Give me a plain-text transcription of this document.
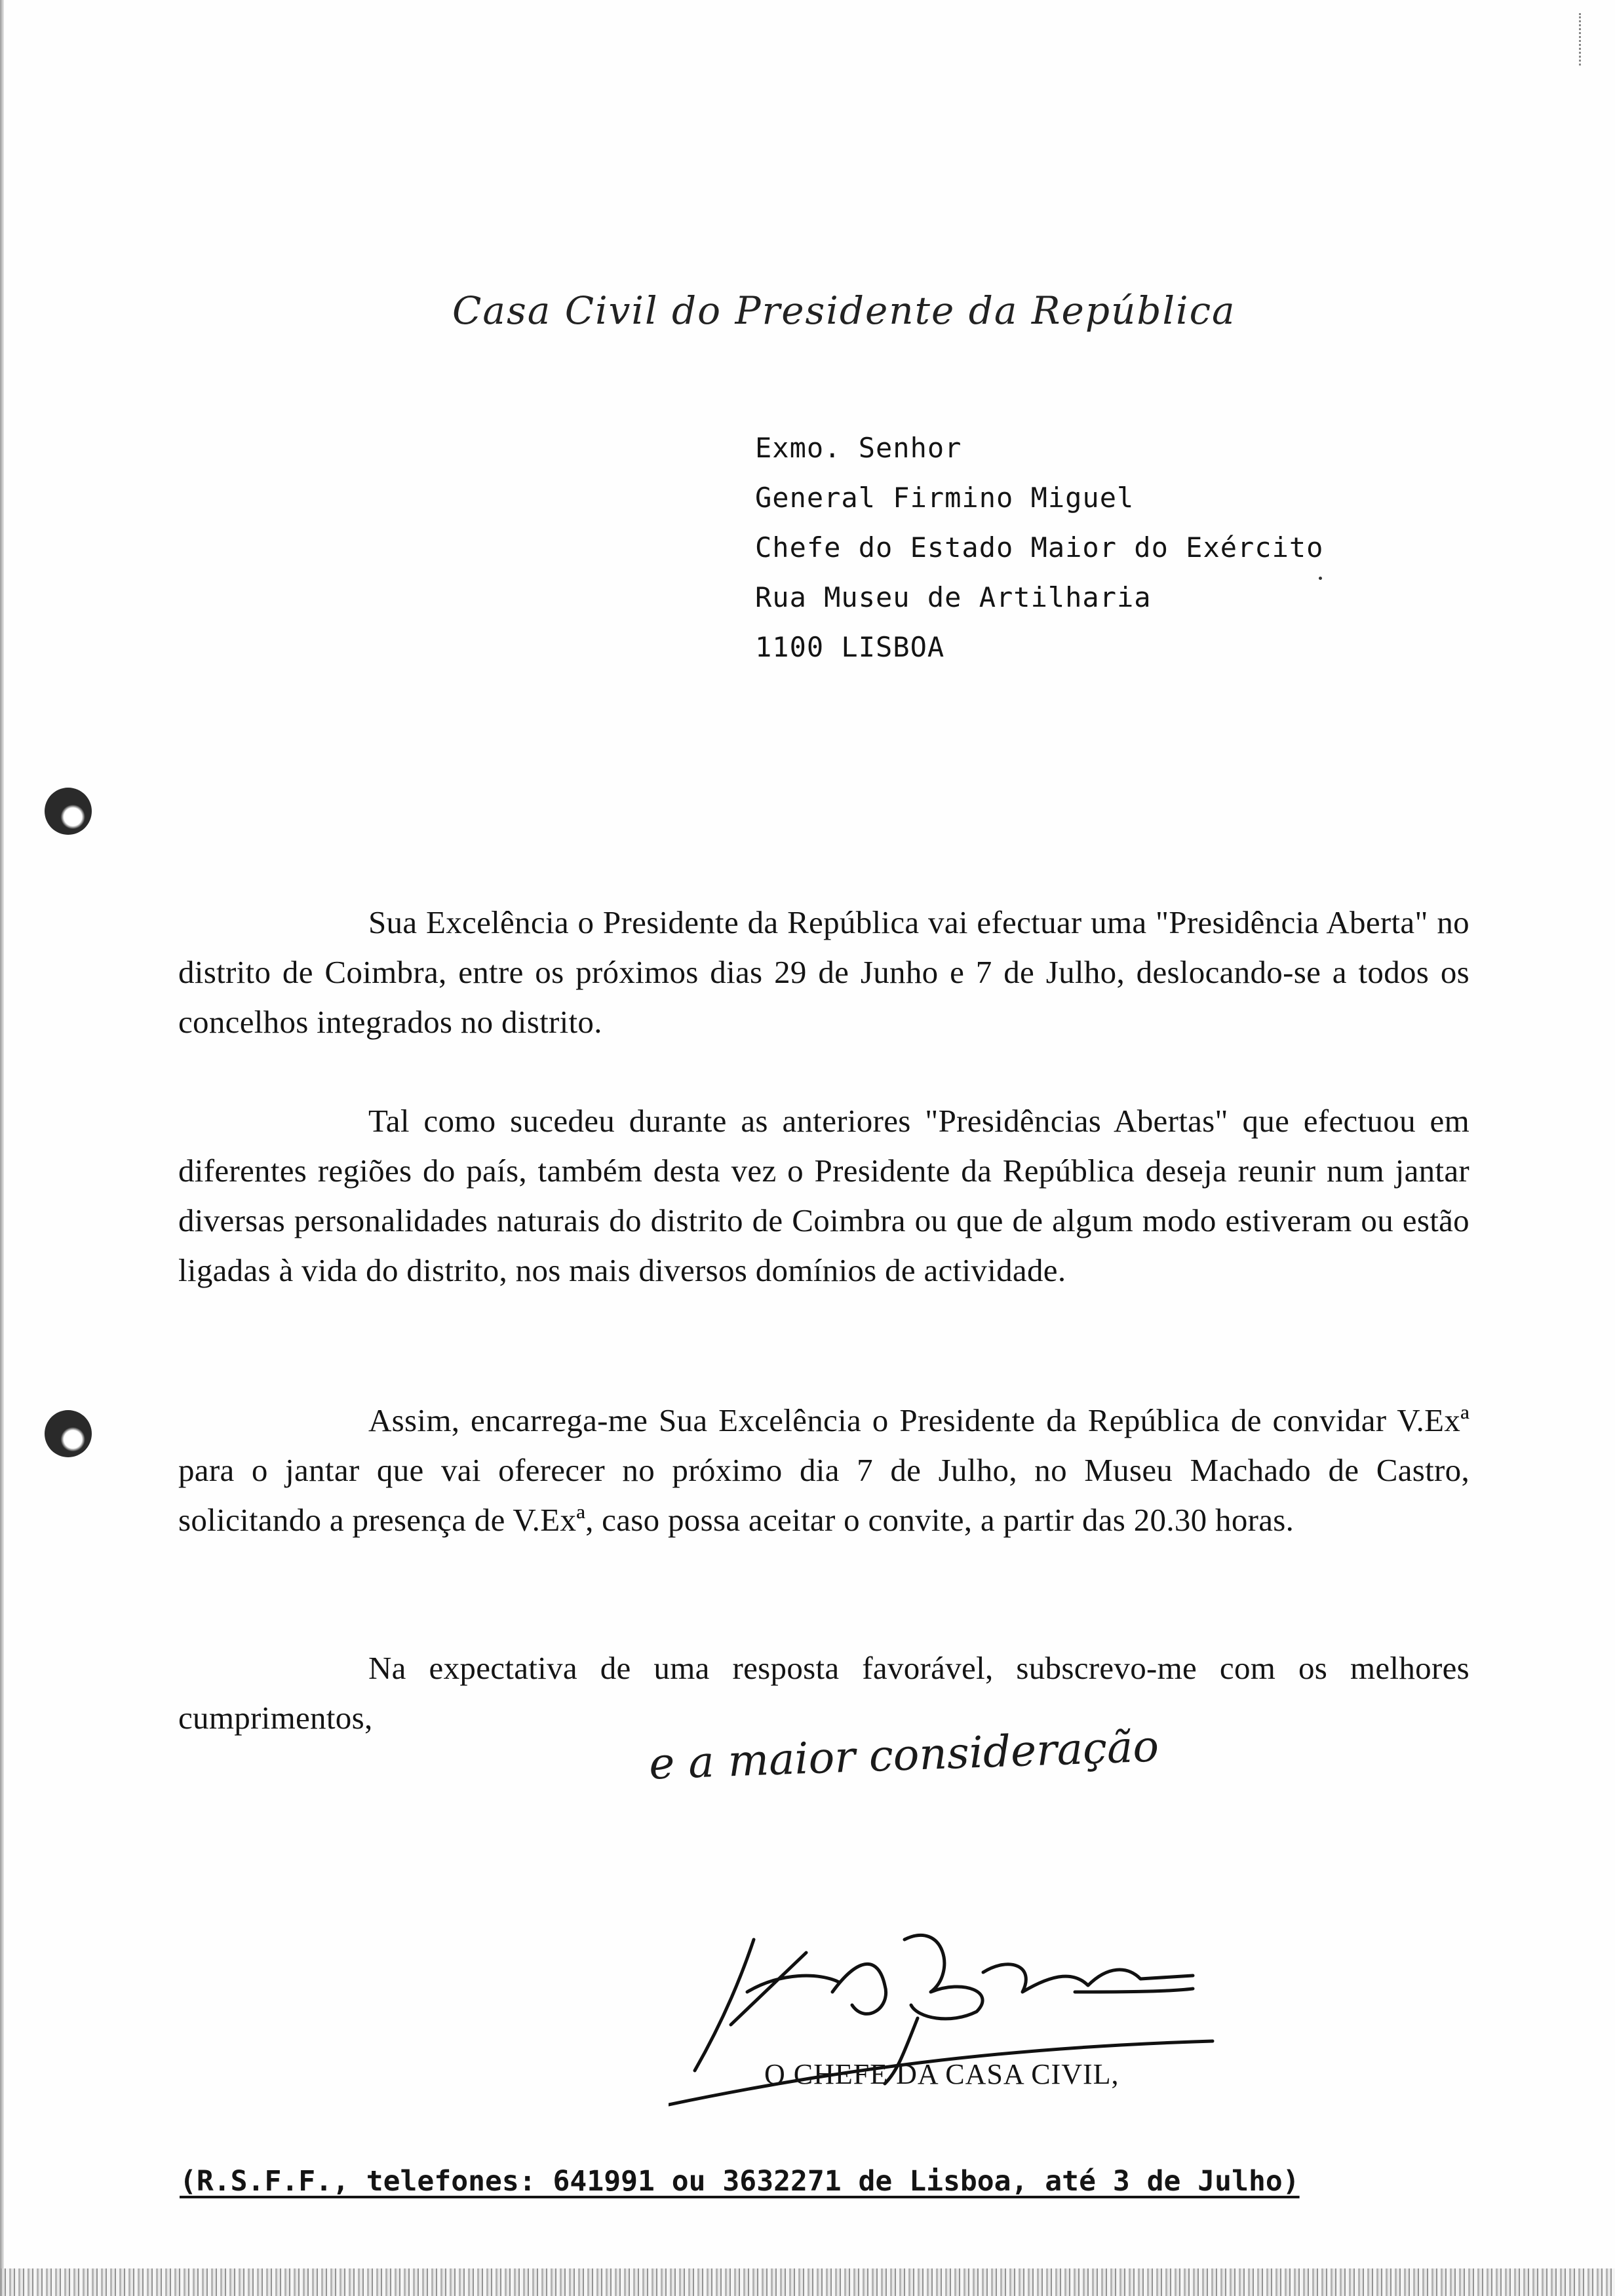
Casa Civil do Presidente da República
Exmo. Senhor
General Firmino Miguel
Chefe do Estado Maior do Exército
Rua Museu de Artilharia
1100 LISBOA
Sua Excelência o Presidente da República vai efectuar uma "Presidência Aberta" no distrito de Coimbra, entre os próximos dias 29 de Junho e 7 de Julho, deslocando-se a todos os concelhos integrados no distrito.
Tal como sucedeu durante as anteriores "Presidências Abertas" que efectuou em diferentes regiões do país, também desta vez o Presidente da República deseja reunir num jantar diversas personalidades naturais do distrito de Coimbra ou que de algum modo estiveram ou estão ligadas à vida do distrito, nos mais diversos domínios de actividade.
Assim, encarrega-me Sua Excelência o Presidente da República de convidar V.Exª para o jantar que vai oferecer no próximo dia 7 de Julho, no Museu Machado de Castro, solicitando a presença de V.Exª, caso possa aceitar o convite, a partir das 20.30 horas.
Na expectativa de uma resposta favorável, subscrevo-me com os melhores cumprimentos,
e a maior consideração
O CHEFE DA CASA CIVIL,
(R.S.F.F., telefones: 641991 ou 3632271 de Lisboa, até 3 de Julho)
